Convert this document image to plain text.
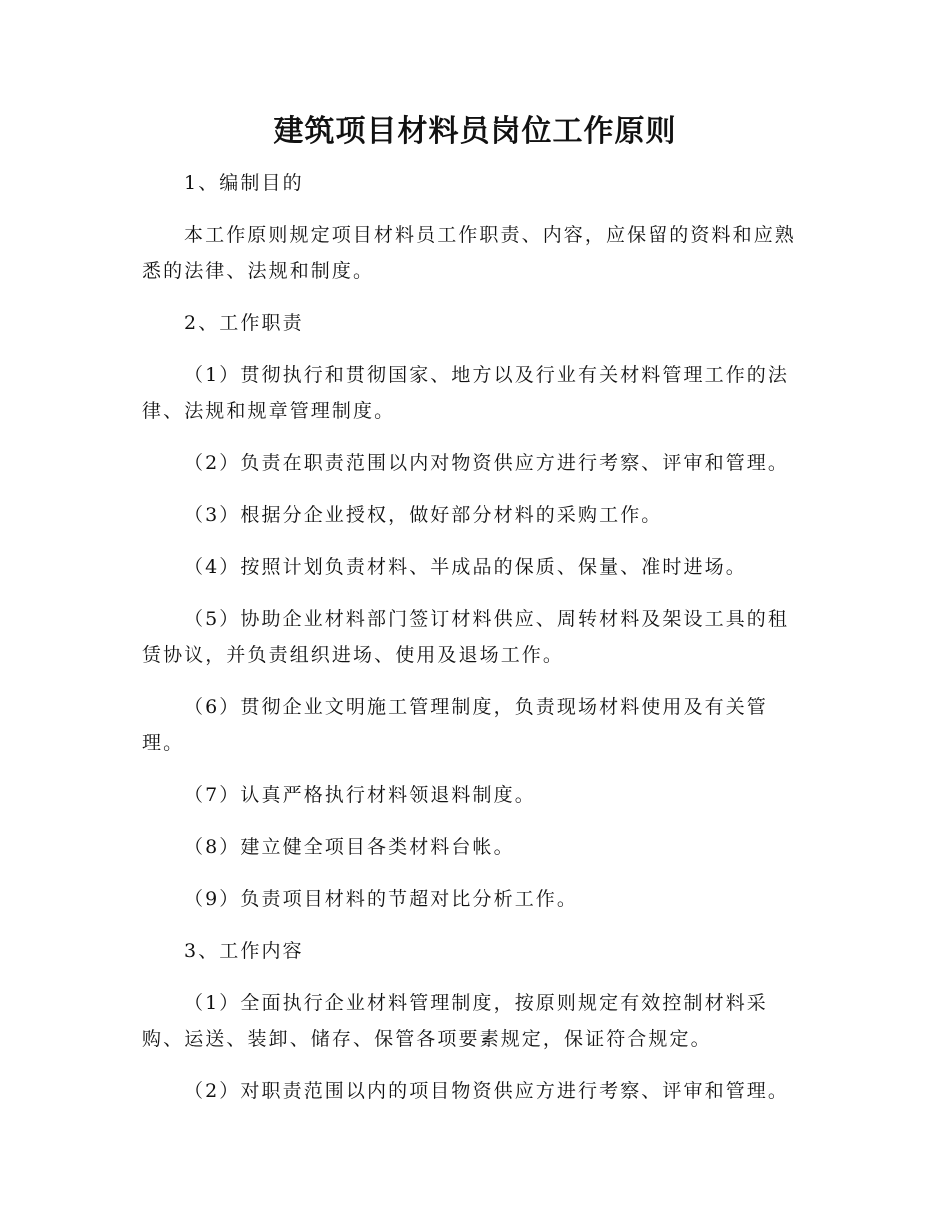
建筑项目材料员岗位工作原则

1、编制目的

本工作原则规定项目材料员工作职责、内容，应保留的资料和应熟悉的法律、法规和制度。

2、工作职责

（1）贯彻执行和贯彻国家、地方以及行业有关材料管理工作的法律、法规和规章管理制度。

（2）负责在职责范围以内对物资供应方进行考察、评审和管理。

（3）根据分企业授权，做好部分材料的采购工作。

（4）按照计划负责材料、半成品的保质、保量、准时进场。

（5）协助企业材料部门签订材料供应、周转材料及架设工具的租赁协议，并负责组织进场、使用及退场工作。

（6）贯彻企业文明施工管理制度，负责现场材料使用及有关管理。

（7）认真严格执行材料领退料制度。

（8）建立健全项目各类材料台帐。

（9）负责项目材料的节超对比分析工作。

3、工作内容

（1）全面执行企业材料管理制度，按原则规定有效控制材料采购、运送、装卸、储存、保管各项要素规定，保证符合规定。

（2）对职责范围以内的项目物资供应方进行考察、评审和管理。
